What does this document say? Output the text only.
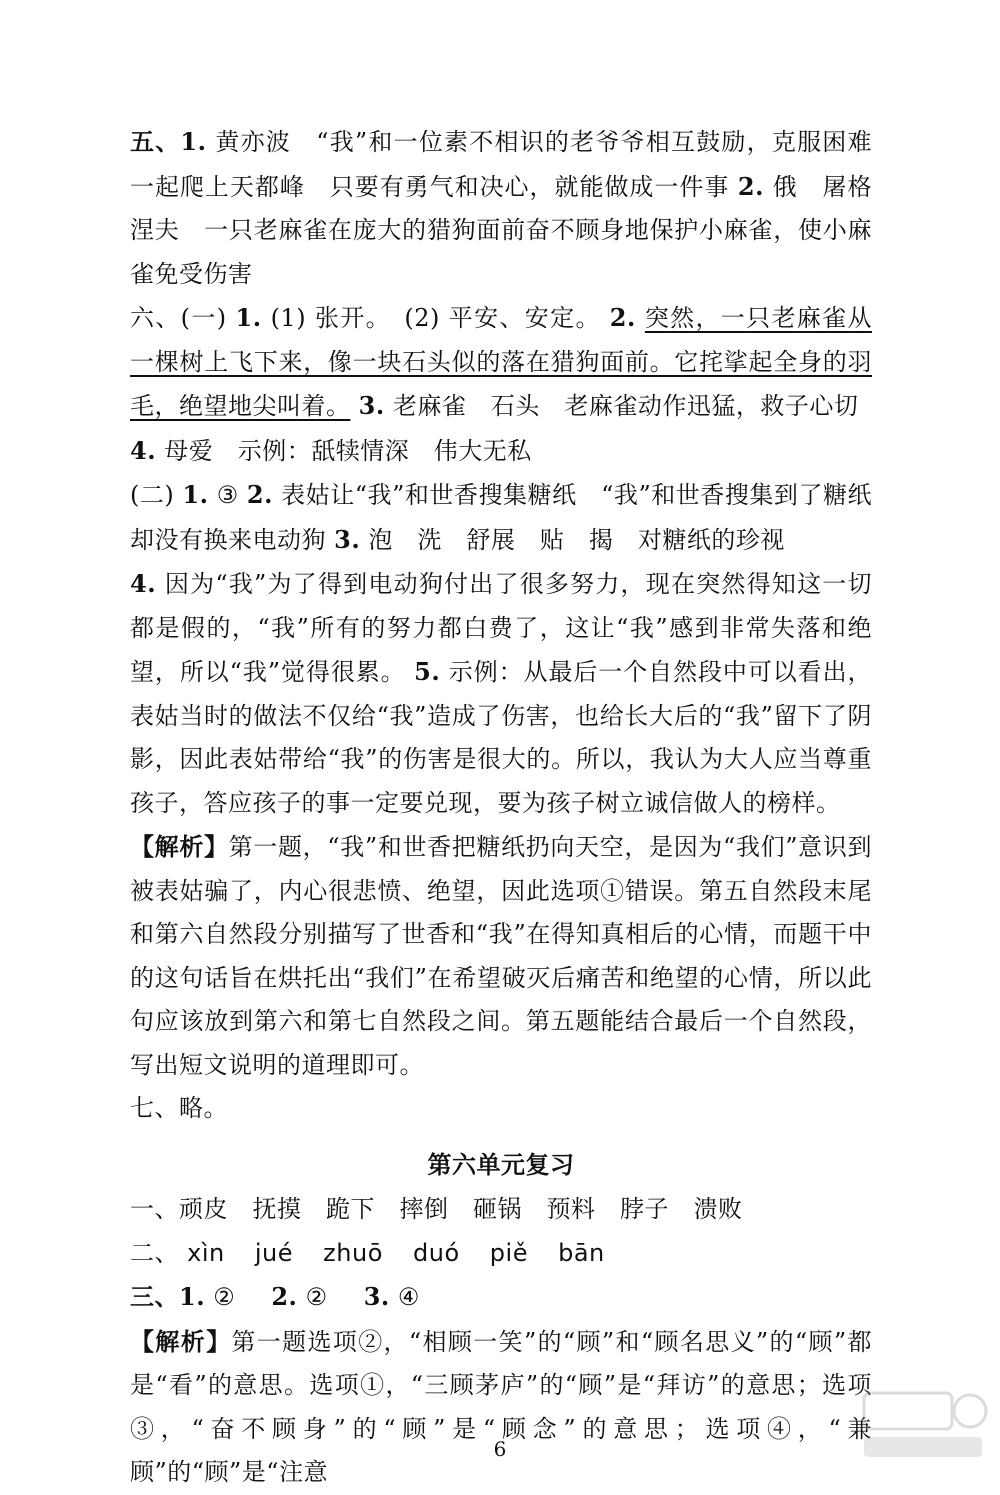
五、1. 黄亦波　“我”和一位素不相识的老爷爷相互鼓励，克服困难一起爬上天都峰　只要有勇气和决心，就能做成一件事 2. 俄　屠格涅夫　一只老麻雀在庞大的猎狗面前奋不顾身地保护小麻雀，使小麻雀免受伤害

六、(一) 1. (1) 张开。　(2) 平安、安定。 2. 突然，一只老麻雀从一棵树上飞下来，像一块石头似的落在猎狗面前。它挓挲起全身的羽毛，绝望地尖叫着。 3. 老麻雀　石头　老麻雀动作迅猛，救子心切
4. 母爱　示例：舐犊情深　伟大无私

(二) 1. ③ 2. 表姑让“我”和世香搜集糖纸　“我”和世香搜集到了糖纸却没有换来电动狗 3. 泡　洗　舒展　贴　揭　对糖纸的珍视
4. 因为“我”为了得到电动狗付出了很多努力，现在突然得知这一切都是假的，“我”所有的努力都白费了，这让“我”感到非常失落和绝望，所以“我”觉得很累。 5. 示例：从最后一个自然段中可以看出，表姑当时的做法不仅给“我”造成了伤害，也给长大后的“我”留下了阴影，因此表姑带给“我”的伤害是很大的。所以，我认为大人应当尊重孩子，答应孩子的事一定要兑现，要为孩子树立诚信做人的榜样。

【解析】第一题，“我”和世香把糖纸扔向天空，是因为“我们”意识到被表姑骗了，内心很悲愤、绝望，因此选项①错误。第五自然段末尾和第六自然段分别描写了世香和“我”在得知真相后的心情，而题干中的这句话旨在烘托出“我们”在希望破灭后痛苦和绝望的心情，所以此句应该放到第六和第七自然段之间。第五题能结合最后一个自然段，写出短文说明的道理即可。

七、略。

第六单元复习

一、顽皮　抚摸　跪下　摔倒　砸锅　预料　脖子　溃败

二、 xìn jué zhuō duó piě bān

三、1. ② 2. ② 3. ④

【解析】第一题选项②，“相顾一笑”的“顾”和“顾名思义”的“顾”都是“看”的意思。选项①，“三顾茅庐”的“顾”是“拜访”的意思；选项③，“奋不顾身”的“顾”是“顾念”的意思；选项④，“兼顾”的“顾”是“注意

6
